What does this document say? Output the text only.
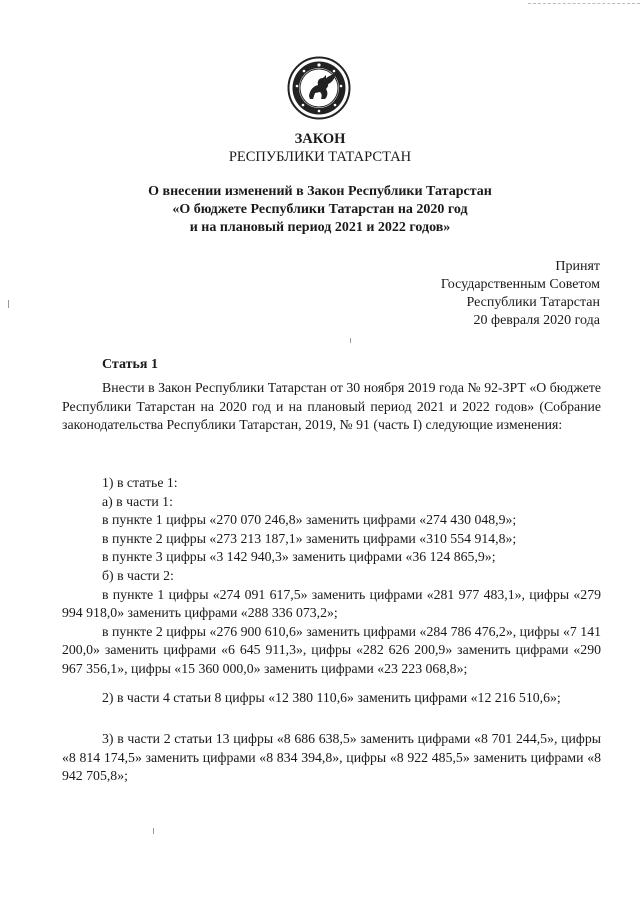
ЗАКОН
РЕСПУБЛИКИ ТАТАРСТАН
О внесении изменений в Закон Республики Татарстан
«О бюджете Республики Татарстан на 2020 год
и на плановый период 2021 и 2022 годов»
Принят
Государственным Советом
Республики Татарстан
20 февраля 2020 года
Статья 1

Внести в Закон Республики Татарстан от 30 ноября 2019 года № 92-ЗРТ «О бюджете Республики Татарстан на 2020 год и на плановый период 2021 и 2022 годов» (Собрание законодательства Республики Татарстан, 2019, № 91 (часть I) следующие изменения:

1) в статье 1:

а) в части 1:

в пункте 1 цифры «270 070 246,8» заменить цифрами «274 430 048,9»;

в пункте 2 цифры «273 213 187,1» заменить цифрами «310 554 914,8»;

в пункте 3 цифры «3 142 940,3» заменить цифрами «36 124 865,9»;

б) в части 2:

в пункте 1 цифры «274 091 617,5» заменить цифрами «281 977 483,1», цифры «279 994 918,0» заменить цифрами «288 336 073,2»;

в пункте 2 цифры «276 900 610,6» заменить цифрами «284 786 476,2», цифры «7 141 200,0» заменить цифрами «6 645 911,3», цифры «282 626 200,9» заменить цифрами «290 967 356,1», цифры «15 360 000,0» заменить цифрами «23 223 068,8»;

2) в части 4 статьи 8 цифры «12 380 110,6» заменить цифрами «12 216 510,6»;

3) в части 2 статьи 13 цифры «8 686 638,5» заменить цифрами «8 701 244,5», цифры «8 814 174,5» заменить цифрами «8 834 394,8», цифры «8 922 485,5» заменить цифрами «8 942 705,8»;
